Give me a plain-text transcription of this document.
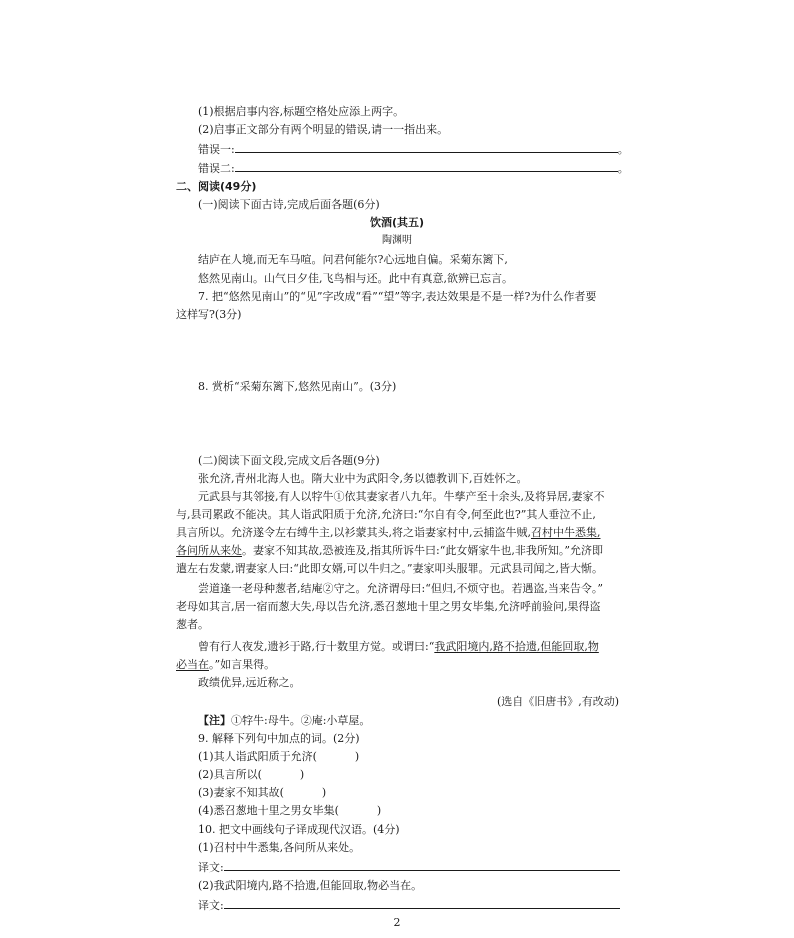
(1)根据启事内容,标题空格处应添上两字。
(2)启事正文部分有两个明显的错误,请一一指出来。
错误一:	。
错误二:	。
二、阅读(49分)
(一)阅读下面古诗,完成后面各题(6分)
饮酒(其五)
陶渊明
结庐在人境,而无车马喧。问君何能尔?心远地自偏。采菊东篱下,
悠然见南山。山气日夕佳,飞鸟相与还。此中有真意,欲辨已忘言。
7. 把“悠然见南山”的“见”字改成“看”“望”等字,表达效果是不是一样?为什么作者要
这样写?(3分)
8. 赏析“采菊东篱下,悠然见南山”。(3分)
(二)阅读下面文段,完成文后各题(9分)
张允济,青州北海人也。隋大业中为武阳令,务以德教训下,百姓怀之。
元武县与其邻接,有人以牸牛①依其妻家者八九年。牛孳产至十余头,及将异居,妻家不
与,县司累政不能决。其人诣武阳质于允济,允济曰:“尔自有令,何至此也?”其人垂泣不止,
具言所以。允济遂令左右缚牛主,以衫蒙其头,将之诣妻家村中,云捕盗牛贼,召村中牛悉集,
各问所从来处。妻家不知其故,恐被连及,指其所诉牛曰:“此女婿家牛也,非我所知。”允济即
遣左右发蒙,谓妻家人曰:“此即女婿,可以牛归之。”妻家叩头服罪。元武县司闻之,皆大惭。
尝道逢一老母种葱者,结庵②守之。允济谓母曰:“但归,不烦守也。若遇盗,当来告令。”
老母如其言,居一宿而葱大失,母以告允济,悉召葱地十里之男女毕集,允济呼前验问,果得盗
葱者。
曾有行人夜发,遗衫于路,行十数里方觉。或谓曰:“我武阳境内,路不拾遗,但能回取,物
必当在。”如言果得。
政绩优异,远近称之。
(选自《旧唐书》,有改动)
【注】①牸牛:母牛。②庵:小草屋。
9. 解释下列句中加点的词。(2分)
(1)其人诣武阳质于允济(	)
(2)具言所以(	)
(3)妻家不知其故(	)
(4)悉召葱地十里之男女毕集(	)
10. 把文中画线句子译成现代汉语。(4分)
(1)召村中牛悉集,各问所从来处。
译文:
(2)我武阳境内,路不拾遗,但能回取,物必当在。
译文:
2
